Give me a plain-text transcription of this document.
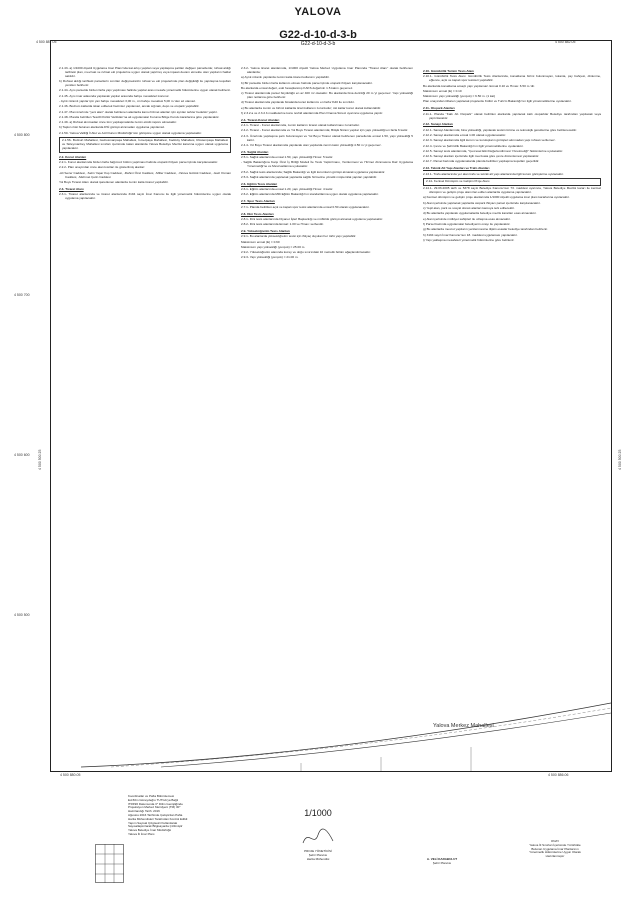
YALOVA
G22-d-10-d-3-b
G22-d-10-d-3-b
4 500 887.05	4 500 882.05
4 500 800
4 500 700
4 500 600
4 500 500
4 500 880.05	4 500 886.06
4 500 500 25	4 500 500 25

2.1.43- a) 1/1000 ölçekli Uygulama İmar Planı'nda kat artışı yapılan veya yapılaşma şartları değişen parsellerde; ruhsat aldığı tarihteki plan, mevzuat ve ruhsat eki projelerine uygun olarak yapılmış veya inşaatı devam etmekte olan yapıların haklar saklıdır.

b) Ruhsat aldığı tarihteki parsellerin sınırları değişmeksizin ruhsat ve eki projelerinde plan değişikliği ile yapılaşma koşulları yeniden belirlenir.

2.1.44- Aynı parselde birden fazla yapı yapılması halinde yapılar arası mesafe yönetmelik hükümlerine uygun olarak belirlenir.

2.1.45- Aynı imar adasında yapılacak yapılar arasında bahçe mesafeleri korunur.

- Ayrık nizamlı yapılar için yan bahçe mesafeleri 3,00 m., ön bahçe mesafesi 5,00 m.'den az olamaz.

2.1.46- Bodrum katlarda iskan edilecek hacimler yapılamaz, ancak sığınak, depo ve otopark yapılabilir.

2.1.47- Plan üzerinde "yeni alan" olarak belirlenen alanlarda kamu hizmet alanları için ayrılan terkler bedelsiz yapılır.

2.1.48- Planda belirtilen Tescilli Kültür Varlıkları'na ait uygulamalar Koruma Bölge Kurulu kararlarına göre yapılacaktır.

2.1.49- a) Ruhsat alınmadan önce tüm yapılaşmalarda zemin etüdü raporu alınacaktır.

b) Taşkın riski bulunan alanlarda DSİ görüşü alınmadan uygulama yapılamaz.

2.1.50- Yalova Valiliği İl Afet ve Acil Durum Müdürlüğü'nün görüşüne uygun olarak uygulama yapılacaktır.

2.1.56- Bozkurt Mahallesi, Gaziosmanpaşa Mahallesi, İsmetpaşa Mahallesi, Kadıköy Mahallesi, Rüstempaşa Mahallesi ve Süleymanbey Mahallesi sınırları içerisinde kalan alanlarda Yalova Belediye Meclisi kararına uygun olarak uygulama yapılacaktır.

2.2- Konut Alanları

2.2.1- Konut alanlarında birden fazla bağımsız bölüm yapılması halinde otopark ihtiyacı parsel içinde karşılanacaktır.

2.2.2- Plan onayından önce alan kısıtları ile gösterilmiş alanlar:

-Ali Sezer Caddesi, -Selin Yaşar Kuş Caddesi, -Rahmi Özel Caddesi, -Miller Caddesi, -Yalova Gölcük Caddesi, -Gazi Osman Caddesi, -Mehmet Çetin Caddesi

Yol Boyu Ticaret Alanı olarak işaretlenen alanlarda zemin katta ticaret yapılabilir.

2.3- Ticaret Alanı

2.3.1- Ticaret alanlarında ve ticaret alanlarında 3194 sayılı İmar Kanunu ile ilgili yönetmelik hükümlerine uygun olarak uygulama yapılacaktır.

2.3.2- Yalova ticaret alanlarında, 1/1000 ölçekli Yalova Merkez Uygulama İmar Planında "Ticaret Alanı" olarak belirlenen alanlarda;

a) Ayrık nizamlı yapılarda zemin katta ticaret kullanımı yapılabilir.

b) Bir parselde birden fazla kullanım olması halinde parsel içinde otopark ihtiyacı karşılanacaktır.

Bu alanlarda emsal değeri, eski hesaplanmış KAKS değerinin 1.5 katını geçemez.

c) Ticaret alanlarında parsel büyüklüğü en az 400 m² olacaktır. Bu alanlarda bina derinliği 20 m.'yi geçemez. Yapı yüksekliği plan notlarına göre belirlenir.

d) Ticaret alanlarında yapılacak binalarda konut kullanımı en fazla %40 ile sınırlıdır.

e) Bu alanlarda zemin ve birinci katlarda ticari kullanım zorunludur; üst katlar konut olarak kullanılabilir.

f) 2.3.2.a ve 2.3.2.b maddelerine konu tevhid alanlarında Plan Onama Süreci uyarınca uygulama yapılır.

2.4- Ticaret-Konut Alanları

2.4.1- Ticaret - Konut alanlarında, zemin katlarını ticaret olarak kullanılması zorunludur.

2.4.2- Ticaret - Konut alanlarında ve Yol Boyu Ticaret alanlarında; Bitişik Nizam yapılar için yapı yüksekliği en fazla 6 kattır.

2.4.3- Üzerinde yapılaşma şartı bulunmayan ve Yol Boyu Ticaret olarak belirlenen parsellerde emsal 1.50, yapı yüksekliği 5 kattır.

2.4.4- Yol Boyu Ticaret alanlarında yapılacak olan yapılarda zemin katın yüksekliği 4.50 m.'yi geçemez.

2.5- Sağlık Alanları

2.5.1- Sağlık alanlarında emsal 1.50, yapı yüksekliği Hmax: 5 kattır.

- Sağlık Bakanlığına Karşı Özel İş Birliği Modeli İle Tesis Yaptırılması, Yenilenmesi ve Hizmet Alınmasına Dair Uygulama Yönetmeliği'ne ve Mevzuatlarına uyulacaktır.

2.5.2- Sağlık tesis alanlarında; Sağlık Bakanlığı ve ilgili kurumların görüşü alınarak uygulama yapılacaktır.

2.5.3- Sağlık alanlarında yapılacak yapılarda sağlık hizmetine yönelik müştemilat yapıları yapılabilir.

2.6- Eğitim Tesis Alanları

2.6.1- Eğitim alanlarında emsal 1.20, yapı yüksekliği Hmax: 4 kattır.

2.6.2- Eğitim alanlarında Milli Eğitim Bakanlığı'nın standartlarına uygun olarak uygulama yapılacaktır.

2.7- Spor Tesis Alanları

2.7.1- Planda belirtilen açık ve kapalı spor tesisi alanlarında emsal 0.50 olarak uygulanacaktır.

2.8- Dini Tesis Alanları

2.8.1- Dini tesis alanlarında Diyanet İşleri Başkanlığı ve müftülük görüşü alınarak uygulama yapılacaktır.

2.8.2- Dini tesis alanlarında Emsal: 1.00 ve Hmax: serbesttir.

2.9- Yükseköğretim Tesis Alanları

2.9.1- Bu alanlarda yükseköğretim tesisi için ihtiyaç duyulan her türlü yapı yapılabilir.

Maksimum emsal (E) = 0.60

Maksimum yapı yüksekliği (yençok) = 25.00 m.

2.9.2- Yükseköğretim alanında kuzey ve doğu sınırındaki 10 metrelik bölüm ağaçlandırılacaktır.

2.9.3- Yapı yüksekliği (yençok) = 21.00 m.

2.10- Günübirlik Turizm Tesis Alanı

2.10.1- Günübirlik Tesis Alanı: Günübirlik Tesis Alanlarında, konaklama birimi bulunmayan, lokanta, çay bahçesi, dinlenme, eğlence, açık ve kapalı spor tesisleri yapılabilir.

Bu alanlarda konaklama amaçlı yapı yapılamaz. Emsal 0.10 ve Hmax: 6.50 m.'dir.

Maksimum emsal (E) = 0.10

Maksimum yapı yüksekliği (yençok) = 6.50 m. (1 kat)

Plan onayından itibaren yapılacak projelerde Kültür ve Turizm Bakanlığı'nın ilgili yönetmeliklerine uyulacaktır.

2.11- Otopark Alanları

2.11.1- Planda "Katlı Ab Otopark" olarak belirtilen alanlarda yapılacak katlı otoparklar Belediye tarafından yapılacak veya yaptırılacaktır.

2.12- Sanayi Alanları

2.12.1- Sanayi Alanlarında; bina yüksekliği, yapılacak tesisin türüne ve teknolojik gereklerine göre belirlenecektir.

2.12.2- Sanayi alanlarında emsal 1.00 olarak uygulanacaktır.

2.12.3- Sanayi alanlarında ilgili kurum ve kuruluşların görüşleri alınmadan yapı ruhsatı verilemez.

2.12.4- Çevre ve Şehircilik Bakanlığı'nın ilgili yönetmeliklerine uyulacaktır.

2.12.5- Sanayi tesis alanlarında, "Çevresel Etki Değerlendirmesi Yönetmeliği" hükümlerine uyulacaktır.

2.12.6- Sanayi alanları içerisinde ilgili mevzuata göre çevre düzenlemesi yapılacaktır.

2.12.7- Parsel bazında uygulamalarda planda belirtilen yapılaşma koşulları geçerlidir.

2.13- Teknik Alt Yapı Alanları ve Trafo Alanları

2.13.1- Trafo alanlarında yer alan trafo ve teknik alt yapı alanlarında ilgili kurum görüşlerine uyulacaktır.

2.14- Kentsel Dönüşüm ve Gelişim Proje Alanı

2.14.1- 29.06.2005 tarih ve 5378 sayılı Belediye Kanunu'nun 73. maddesi uyarınca, Yalova Belediye Meclisi kararı ile kentsel dönüşüm ve gelişim proje alanı ilan edilen alanlarda uygulama yapılacaktır.

a) Kentsel dönüşüm ve gelişim proje alanlarında 1/1000 ölçekli uygulama imar planı kararlarına uyulacaktır.

b) Alan içerisinde yapılacak yapılarda otopark ihtiyacı parsel içerisinde karşılanacaktır.

c) Yeşil alan, park ve sosyal donatı alanları kamuya terk edilecektir.

d) Bu alanlarda yapılacak uygulamalarda belediye meclis kararları esas alınacaktır.

e) Alan içerisinde mülkiyet sahipleri ile uzlaşma esas alınacaktır.

f) Parsel bazında uygulamalar belediyenin onayı ile yapılacaktır.

g) Bu alanlarda mevcut yapıların yenilenmesine ilişkin esaslar belediye tarafından belirlenir.

h) 3194 sayılı İmar Kanunu'nun 18. maddesi uygulaması yapılacaktır.

i) Yapı yaklaşma mesafeleri yönetmelik hükümlerine göre belirlenir.

Yalova Merkez Mahallesi
1/1000
Koordinatlar ve Pafta Bölümlemesi
Ed-50m Güneydeğru TUTGA'ya Bağlı
ITRF96 Datumunda 3° Dilim Genişliğinde
Projeksiyon Merkez Meridyeni (TM) 30°
Hazırlandığı Tarih: 2016
Ağustos 2016 Tarihinde Çalıştırılan Pafta
Harita Mühendisleri Tarafından Kontrol Edildi
Yapım Sayısal Çizgiselci Kullanılarak
Sayısallaştırılarak Bilgisayarda Çizilmiştir
Yalova Belediye İmar Müdürlüğü
Yalova İli İmar Planı
PROJE YÖNETİCİSİ
Şehir Plancısı
Harita Mühendisi
ONAY
Yalova İli Sınırları İçerisinde Yürürlükte
Bulunan Uygulama İmar Planlarının
Yönetmelik Hükümlerine Uygun Olarak
Hazırlanmıştır
A. VELİ KARABULUT
Şehir Plancısı
